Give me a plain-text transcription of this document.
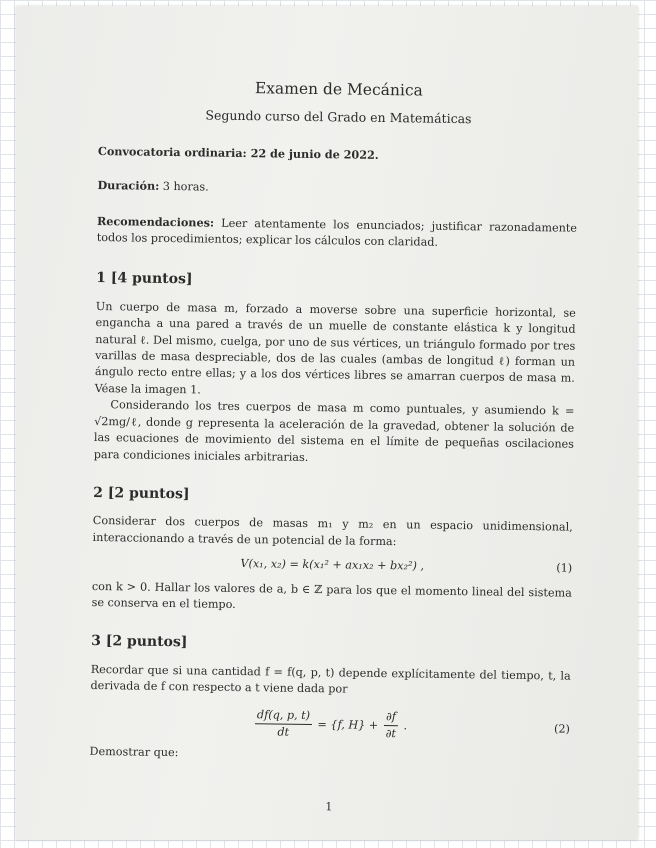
Examen de Mecánica
Segundo curso del Grado en Matemáticas
Convocatoria ordinaria: 22 de junio de 2022.
Duración: 3 horas.

Recomendaciones: Leer atentamente los enunciados; justificar razonadamente todos los procedimientos; explicar los cálculos con claridad.

1 [4 puntos]

Un cuerpo de masa m, forzado a moverse sobre una superficie horizontal, se engancha a una pared a través de un muelle de constante elástica k y longitud natural ℓ. Del mismo, cuelga, por uno de sus vértices, un triángulo formado por tres varillas de masa despreciable, dos de las cuales (ambas de longitud ℓ) forman un ángulo recto entre ellas; y a los dos vértices libres se amarran cuerpos de masa m. Véase la imagen 1.

Considerando los tres cuerpos de masa m como puntuales, y asumiendo k = √2mg/ℓ, donde g representa la aceleración de la gravedad, obtener la solución de las ecuaciones de movimiento del sistema en el límite de pequeñas oscilaciones para condiciones iniciales arbitrarias.

2 [2 puntos]

Considerar dos cuerpos de masas m₁ y m₂ en un espacio unidimensional, interaccionando a través de un potencial de la forma:

V(x₁, x₂) = k(x₁² + ax₁x₂ + bx₂²) ,	(1)

con k > 0. Hallar los valores de a, b ∈ ℤ para los que el momento lineal del sistema se conserva en el tiempo.

3 [2 puntos]

Recordar que si una cantidad f = f(q, p, t) depende explícitamente del tiempo, t, la derivada de f con respecto a t viene dada por

$\frac{df(q, p, t)}{dt} = \{f$, $H\} + \frac{\partial f}{\partial t}$ .	(2)

Demostrar que:

1
